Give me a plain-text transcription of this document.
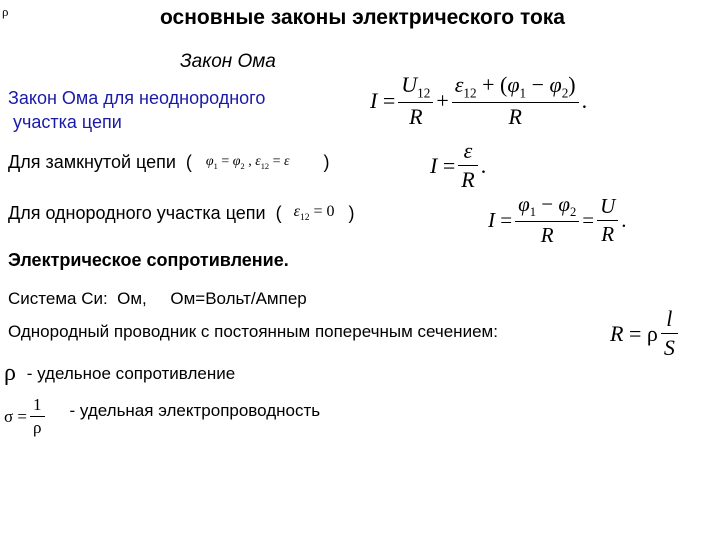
ρ	основные законы электрического тока
Закон Ома
Закон Ома для неоднородного
участка цепи
$I = \frac{U_{12}}{R} + \frac{\varepsilon_{12} + (\varphi_1 - \varphi_2)}{R}$ .
Для замкнутой цепи  ( $\varphi_1 = \varphi_2$ , $\varepsilon_{12} = \varepsilon$ )	$I = \frac{\varepsilon}{R}$ .
Для однородного участка цепи  ( $\varepsilon_{12} = 0$ )	$I = \frac{\varphi_1 - \varphi_2}{R} = \frac{U}{R}$ .
Электрическое сопротивление.
Система Си:  Ом,     Ом=Вольт/Ампер
Однородный проводник с постоянным поперечным сечением:	R = ρ $\frac{l}{S}$
ρ - удельное сопротивление
$\sigma = \frac{1}{\rho}$ - удельная электропроводность
